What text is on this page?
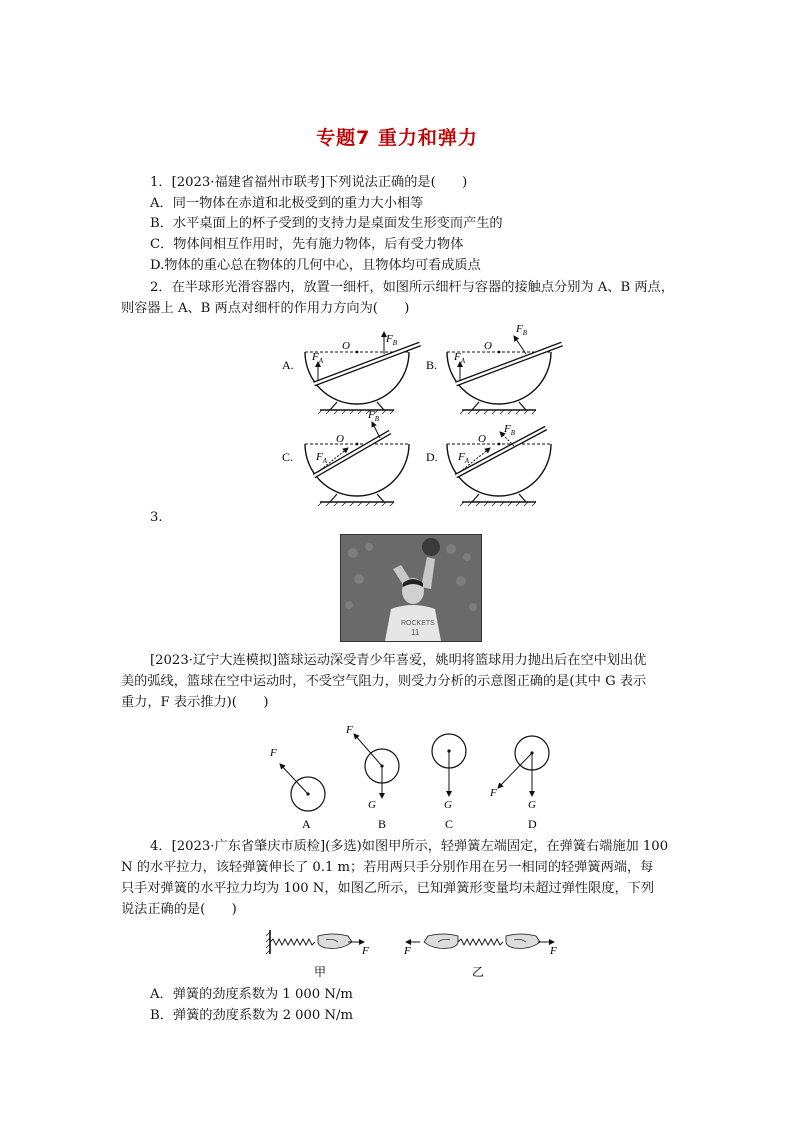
专题7 重力和弹力
1．[2023·福建省福州市联考]下列说法正确的是(　　)
A．同一物体在赤道和北极受到的重力大小相等
B．水平桌面上的杯子受到的支持力是桌面发生形变而产生的
C．物体间相互作用时，先有施力物体，后有受力物体
D.物体的重心总在物体的几何中心，且物体均可看成质点
2．在半球形光滑容器内，放置一细杆，如图所示细杆与容器的接触点分别为 A、B 两点，
则容器上 A、B 两点对细杆的作用力方向为(　　)
A.
O
$F_A$
$F_B$
B.
O
$F_A$
$F_B$
C.
O
$F_A$
$F_B$
D.
O
$F_A$
$F_B$
3.
ROCKETS
11
[2023·辽宁大连模拟]篮球运动深受青少年喜爱，姚明将篮球用力抛出后在空中划出优
美的弧线，篮球在空中运动时，不受空气阻力，则受力分析的示意图正确的是(其中 G 表示
重力，F 表示推力)(　　)
F
A
F
G
B
G
C
F
G
D
4．[2023·广东省肇庆市质检](多选)如图甲所示，轻弹簧左端固定，在弹簧右端施加 100
N 的水平拉力，该轻弹簧伸长了 0.1 m；若用两只手分别作用在另一相同的轻弹簧两端，每
只手对弹簧的水平拉力均为 100 N，如图乙所示，已知弹簧形变量均未超过弹性限度，下列
说法正确的是(　　)
F
甲
F	F
乙
A．弹簧的劲度系数为 1 000 N/m
B．弹簧的劲度系数为 2 000 N/m
